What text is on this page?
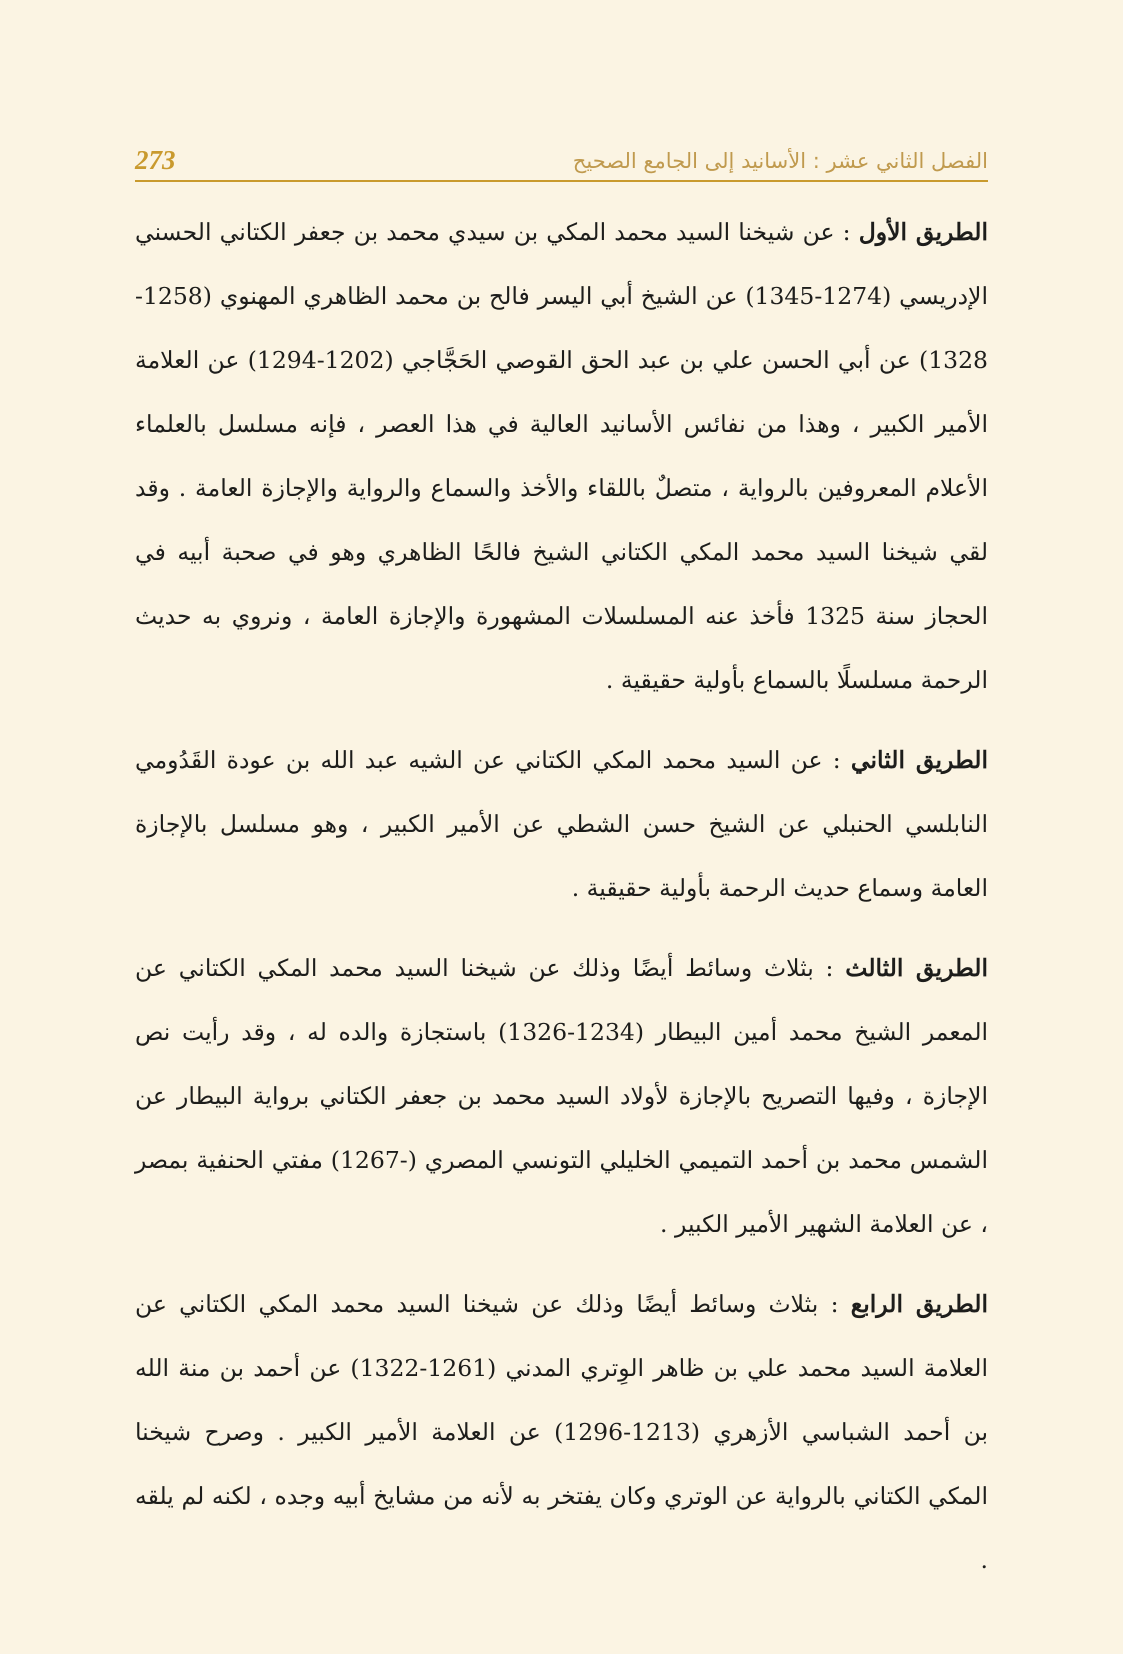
273	الفصل الثاني عشر : الأسانيد إلى الجامع الصحيح

الطريق الأول : عن شيخنا السيد محمد المكي بن سيدي محمد بن جعفر الكتاني الحسني الإدريسي (1274-1345) عن الشيخ أبي اليسر فالح بن محمد الظاهري المهنوي (1258-1328) عن أبي الحسن علي بن عبد الحق القوصي الحَجَّاجي (1202-1294) عن العلامة الأمير الكبير ، وهذا من نفائس الأسانيد العالية في هذا العصر ، فإنه مسلسل بالعلماء الأعلام المعروفين بالرواية ، متصلٌ باللقاء والأخذ والسماع والرواية والإجازة العامة . وقد لقي شيخنا السيد محمد المكي الكتاني الشيخ فالحًا الظاهري وهو في صحبة أبيه في الحجاز سنة 1325 فأخذ عنه المسلسلات المشهورة والإجازة العامة ، ونروي به حديث الرحمة مسلسلًا بالسماع بأولية حقيقية .

الطريق الثاني : عن السيد محمد المكي الكتاني عن الشيه عبد الله بن عودة القَدُومي النابلسي الحنبلي عن الشيخ حسن الشطي عن الأمير الكبير ، وهو مسلسل بالإجازة العامة وسماع حديث الرحمة بأولية حقيقية .

الطريق الثالث : بثلاث وسائط أيضًا وذلك عن شيخنا السيد محمد المكي الكتاني عن المعمر الشيخ محمد أمين البيطار (1234-1326) باستجازة والده له ، وقد رأيت نص الإجازة ، وفيها التصريح بالإجازة لأولاد السيد محمد بن جعفر الكتاني برواية البيطار عن الشمس محمد بن أحمد التميمي الخليلي التونسي المصري (-1267) مفتي الحنفية بمصر ، عن العلامة الشهير الأمير الكبير .

الطريق الرابع : بثلاث وسائط أيضًا وذلك عن شيخنا السيد محمد المكي الكتاني عن العلامة السيد محمد علي بن ظاهر الوِتري المدني (1261-1322) عن أحمد بن منة الله بن أحمد الشباسي الأزهري (1213-1296) عن العلامة الأمير الكبير . وصرح شيخنا المكي الكتاني بالرواية عن الوتري وكان يفتخر به لأنه من مشايخ أبيه وجده ، لكنه لم يلقه .
